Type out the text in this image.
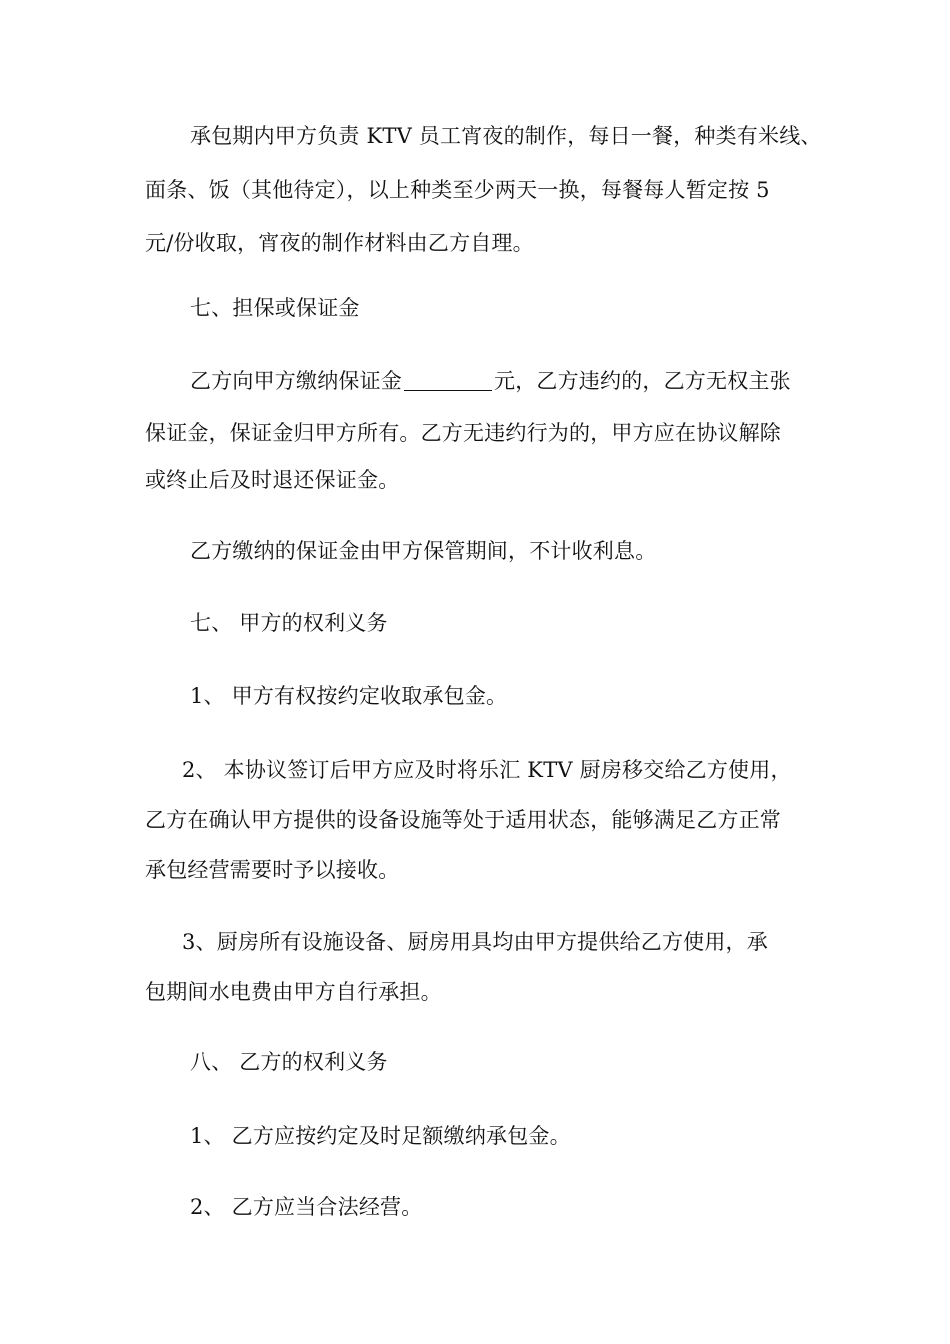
承包期内甲方负责 KTV 员工宵夜的制作，每日一餐，种类有米线、
面条、饭（其他待定），以上种类至少两天一换，每餐每人暂定按 5
元/份收取，宵夜的制作材料由乙方自理。
七、担保或保证金
乙方向甲方缴纳保证金	元，乙方违约的，乙方无权主张
保证金，保证金归甲方所有。乙方无违约行为的，甲方应在协议解除
或终止后及时退还保证金。
乙方缴纳的保证金由甲方保管期间，不计收利息。
七、 甲方的权利义务
1、 甲方有权按约定收取承包金。
2、 本协议签订后甲方应及时将乐汇 KTV 厨房移交给乙方使用，
乙方在确认甲方提供的设备设施等处于适用状态，能够满足乙方正常
承包经营需要时予以接收。
3、厨房所有设施设备、厨房用具均由甲方提供给乙方使用，承
包期间水电费由甲方自行承担。
八、 乙方的权利义务
1、 乙方应按约定及时足额缴纳承包金。
2、 乙方应当合法经营。
